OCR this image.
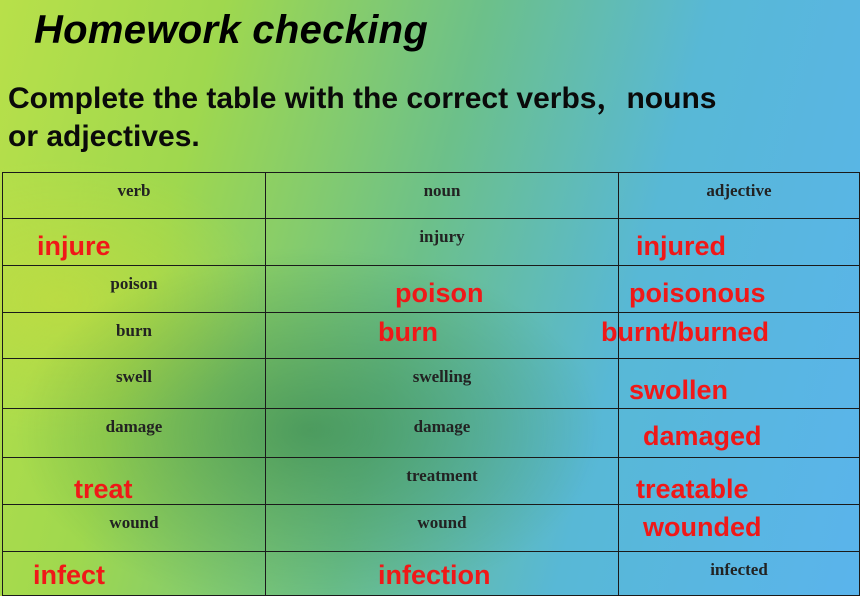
Homework checking
Complete the table with the correct verbs，nouns
or adjectives.
verb	noun	adjective

injure	injury	injured

poison	poison	poisonous

burn	burn	burnt/burned

swell	swelling	swollen

damage	damage	damaged

treat	treatment	treatable

wound	wound	wounded

infect	infection	infected
